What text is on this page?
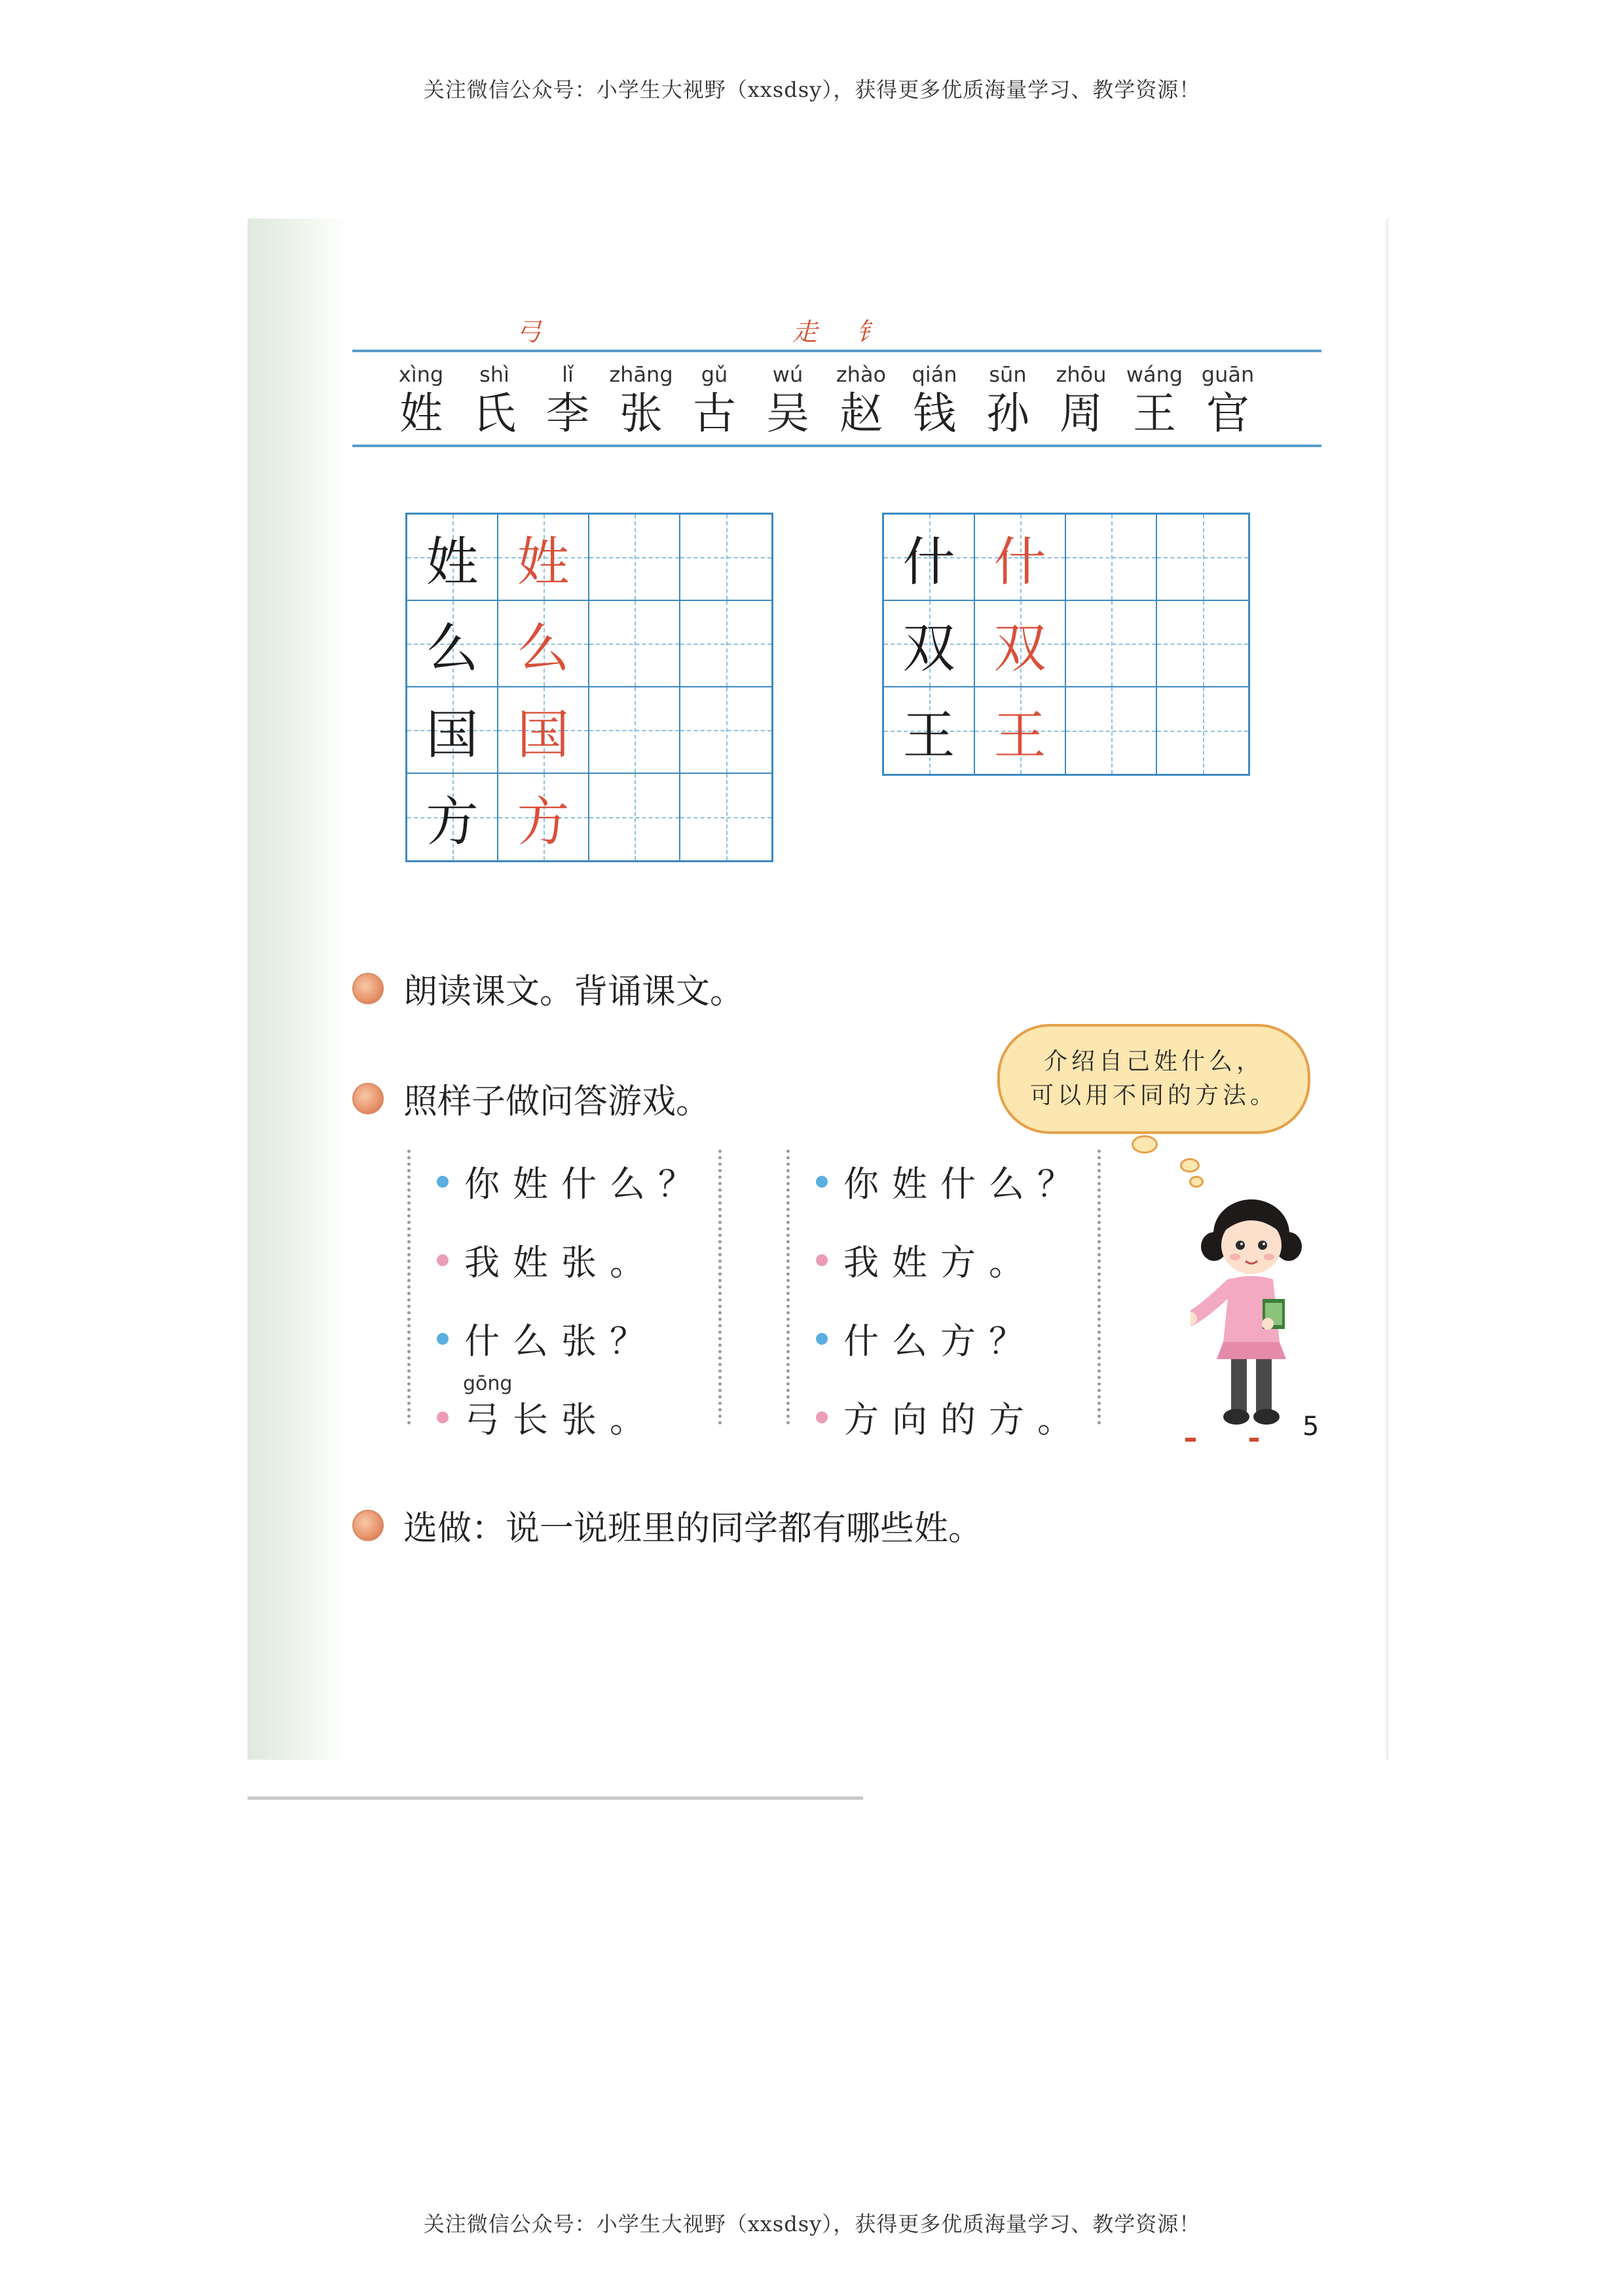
关注微信公众号：小学生大视野（xxsdsy），获得更多优质海量学习、教学资源！
弓	走 钅
xìng
姓
shì
氏
lǐ
李
zhāng
张
gǔ
古
wú
吴
zhào
赵
qián
钱
sūn
孙
zhōu
周
wáng
王
guān
官
姓 姓
么 么
国 国
方 方
什 什
双 双
王 王
朗读课文。背诵课文。
照样子做问答游戏。
介绍自己姓什么，
可以用不同的方法。
你姓什么？
我姓张。
什么张？
gōng
弓长张。
你姓什么？
我姓方。
什么方？
方向的方。
选做：说一说班里的同学都有哪些姓。
5
关注微信公众号：小学生大视野（xxsdsy），获得更多优质海量学习、教学资源！
